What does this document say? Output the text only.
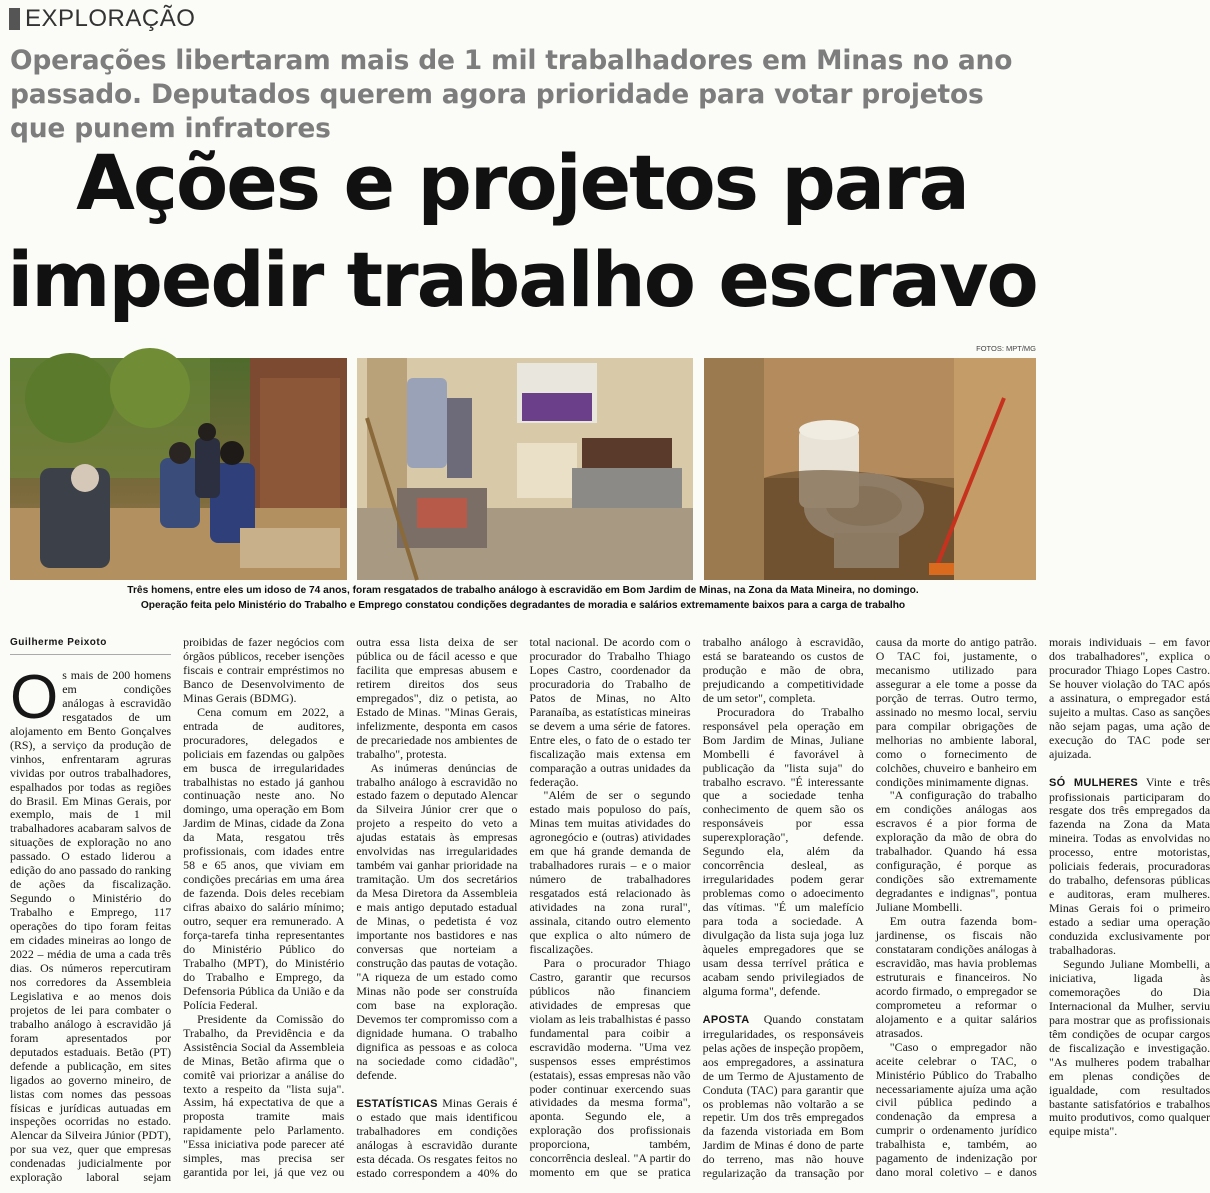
EXPLORAÇÃO
Operações libertaram mais de 1 mil trabalhadores em Minas no ano passado. Deputados querem agora prioridade para votar projetos que punem infratores
Ações e projetos para
impedir trabalho escravo
FOTOS: MPT/MG
Três homens, entre eles um idoso de 74 anos, foram resgatados de trabalho análogo à escravidão em Bom Jardim de Minas, na Zona da Mata Mineira, no domingo.
Operação feita pelo Ministério do Trabalho e Emprego constatou condições degradantes de moradia e salários extremamente baixos para a carga de trabalho
Guilherme Peixoto

Os mais de 200 homens em condições análogas à escravidão resgatados de um alojamento em Bento Gonçalves (RS), a serviço da produção de vinhos, enfrentaram agruras vividas por outros trabalhadores, espalhados por todas as regiões do Brasil. Em Minas Gerais, por exemplo, mais de 1 mil trabalhadores acabaram salvos de situações de exploração no ano passado. O estado liderou a edição do ano passado do ranking de ações da fiscalização. Segundo o Ministério do Trabalho e Emprego, 117 operações do tipo foram feitas em cidades mineiras ao longo de 2022 – média de uma a cada três dias. Os números repercutiram nos corredores da Assembleia Legislativa e ao menos dois projetos de lei para combater o trabalho análogo à escravidão já foram apresentados por deputados estaduais. Betão (PT) defende a publicação, em sites ligados ao governo mineiro, de listas com nomes das pessoas físicas e jurídicas autuadas em inspeções ocorridas no estado. Alencar da Silveira Júnior (PDT), por sua vez, quer que empresas condenadas judicialmente por exploração laboral sejam proibidas de fazer negócios com órgãos públicos, receber isenções fiscais e contrair empréstimos no Banco de Desenvolvimento de Minas Gerais (BDMG).

Cena comum em 2022, a entrada de auditores, procuradores, delegados e policiais em fazendas ou galpões em busca de irregularidades trabalhistas no estado já ganhou continuação neste ano. No domingo, uma operação em Bom Jardim de Minas, cidade da Zona da Mata, resgatou três profissionais, com idades entre 58 e 65 anos, que viviam em condições precárias em uma área de fazenda. Dois deles recebiam cifras abaixo do salário mínimo; outro, sequer era remunerado. A força-tarefa tinha representantes do Ministério Público do Trabalho (MPT), do Ministério do Trabalho e Emprego, da Defensoria Pública da União e da Polícia Federal.

Presidente da Comissão do Trabalho, da Previdência e da Assistência Social da Assembleia de Minas, Betão afirma que o comitê vai priorizar a análise do texto a respeito da "lista suja". Assim, há expectativa de que a proposta tramite mais rapidamente pelo Parlamento. "Essa iniciativa pode parecer até simples, mas precisa ser garantida por lei, já que vez ou outra essa lista deixa de ser pública ou de fácil acesso e que facilita que empresas abusem e retirem direitos dos seus empregados", diz o petista, ao Estado de Minas. "Minas Gerais, infelizmente, desponta em casos de precariedade nos ambientes de trabalho", protesta.

As inúmeras denúncias de trabalho análogo à escravidão no estado fazem o deputado Alencar da Silveira Júnior crer que o projeto a respeito do veto a ajudas estatais às empresas envolvidas nas irregularidades também vai ganhar prioridade na tramitação. Um dos secretários da Mesa Diretora da Assembleia e mais antigo deputado estadual de Minas, o pedetista é voz importante nos bastidores e nas conversas que norteiam a construção das pautas de votação. "A riqueza de um estado como Minas não pode ser construída com base na exploração. Devemos ter compromisso com a dignidade humana. O trabalho dignifica as pessoas e as coloca na sociedade como cidadão", defende.

ESTATÍSTICAS Minas Gerais é o estado que mais identificou trabalhadores em condições análogas à escravidão durante esta década. Os resgates feitos no estado correspondem a 40% do total nacional. De acordo com o procurador do Trabalho Thiago Lopes Castro, coordenador da procuradoria do Trabalho de Patos de Minas, no Alto Paranaíba, as estatísticas mineiras se devem a uma série de fatores. Entre eles, o fato de o estado ter fiscalização mais extensa em comparação a outras unidades da federação.

"Além de ser o segundo estado mais populoso do país, Minas tem muitas atividades do agronegócio e (outras) atividades em que há grande demanda de trabalhadores rurais – e o maior número de trabalhadores resgatados está relacionado às atividades na zona rural", assinala, citando outro elemento que explica o alto número de fiscalizações.

Para o procurador Thiago Castro, garantir que recursos públicos não financiem atividades de empresas que violam as leis trabalhistas é passo fundamental para coibir a escravidão moderna. "Uma vez suspensos esses empréstimos (estatais), essas empresas não vão poder continuar exercendo suas atividades da mesma forma", aponta. Segundo ele, a exploração dos profissionais proporciona, também, concorrência desleal. "A partir do momento em que se pratica trabalho análogo à escravidão, está se barateando os custos de produção e mão de obra, prejudicando a competitividade de um setor", completa.

Procuradora do Trabalho responsável pela operação em Bom Jardim de Minas, Juliane Mombelli é favorável à publicação da "lista suja" do trabalho escravo. "É interessante que a sociedade tenha conhecimento de quem são os responsáveis por essa superexploração", defende. Segundo ela, além da concorrência desleal, as irregularidades podem gerar problemas como o adoecimento das vítimas. "É um malefício para toda a sociedade. A divulgação da lista suja joga luz àqueles empregadores que se usam dessa terrível prática e acabam sendo privilegiados de alguma forma", defende.

APOSTA Quando constatam irregularidades, os responsáveis pelas ações de inspeção propõem, aos empregadores, a assinatura de um Termo de Ajustamento de Conduta (TAC) para garantir que os problemas não voltarão a se repetir. Um dos três empregados da fazenda vistoriada em Bom Jardim de Minas é dono de parte do terreno, mas não houve regularização da transação por causa da morte do antigo patrão. O TAC foi, justamente, o mecanismo utilizado para assegurar a ele tome a posse da porção de terras. Outro termo, assinado no mesmo local, serviu para compilar obrigações de melhorias no ambiente laboral, como o fornecimento de colchões, chuveiro e banheiro em condições minimamente dignas.

"A configuração do trabalho em condições análogas aos escravos é a pior forma de exploração da mão de obra do trabalhador. Quando há essa configuração, é porque as condições são extremamente degradantes e indignas", pontua Juliane Mombelli.

Em outra fazenda bom-jardinense, os fiscais não constataram condições análogas à escravidão, mas havia problemas estruturais e financeiros. No acordo firmado, o empregador se comprometeu a reformar o alojamento e a quitar salários atrasados.

"Caso o empregador não aceite celebrar o TAC, o Ministério Público do Trabalho necessariamente ajuíza uma ação civil pública pedindo a condenação da empresa a cumprir o ordenamento jurídico trabalhista e, também, ao pagamento de indenização por dano moral coletivo – e danos morais individuais – em favor dos trabalhadores", explica o procurador Thiago Lopes Castro. Se houver violação do TAC após a assinatura, o empregador está sujeito a multas. Caso as sanções não sejam pagas, uma ação de execução do TAC pode ser ajuizada.

SÓ MULHERES Vinte e três profissionais participaram do resgate dos três empregados da fazenda na Zona da Mata mineira. Todas as envolvidas no processo, entre motoristas, policiais federais, procuradoras do trabalho, defensoras públicas e auditoras, eram mulheres. Minas Gerais foi o primeiro estado a sediar uma operação conduzida exclusivamente por trabalhadoras.

Segundo Juliane Mombelli, a iniciativa, ligada às comemorações do Dia Internacional da Mulher, serviu para mostrar que as profissionais têm condições de ocupar cargos de fiscalização e investigação. "As mulheres podem trabalhar em plenas condições de igualdade, com resultados bastante satisfatórios e trabalhos muito produtivos, como qualquer equipe mista".
